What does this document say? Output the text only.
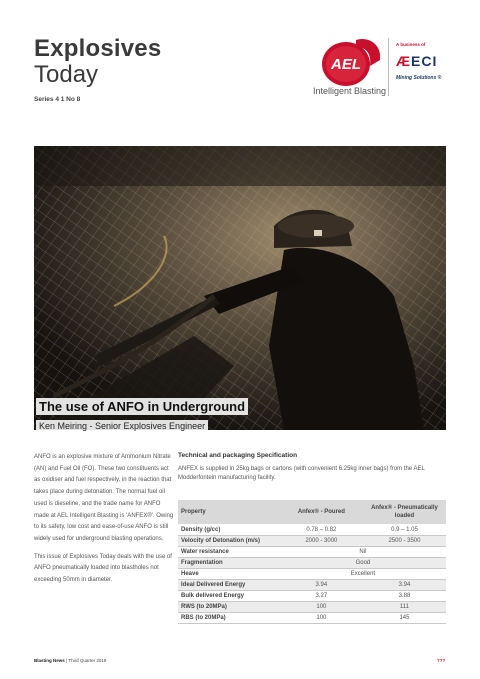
Explosives
Today
Series 4 1 No 8
AEL
Intelligent Blasting
A business of
ÆECI
Mining Solutions ®
The use of ANFO in Underground
Ken Meiring - Senior Explosives Engineer

ANFO is an explosive mixture of Ammonium Nitrate (AN) and Fuel Oil (FO). These two constituents act as oxidiser and fuel respectively, in the reaction that takes place during detonation. The normal fuel oil used is dieseline, and the trade name for ANFO made at AEL Intelligent Blasting is 'ANFEX®'. Owing to its safety, low cost and ease-of-use ANFO is still widely used for underground blasting operations.

This issue of Explosives Today deals with the use of ANFO pneumatically loaded into blastholes not exceeding 50mm in diameter.

Technical and packaging Specification
ANFEX is supplied in 25kg bags or cartons (with convenient 6.25kg inner bags) from the AEL Modderfontein manufacturing facility.
Property	Anfex® - Poured	Anfex® - Pneumatically loaded
Density (g/cc)	0.78 – 0.82	0.9 – 1.05
Velocity of Detonation (m/s)	2000 - 3000	2500 - 3500
Water resistance	Nil	
Fragmentation	Good	
Heave	Excellent	
Ideal Delivered Energy	3.94	3.94
Bulk delivered Energy	3.27	3.88
RWS (to 20MPa)	100	111
RBS (to 20MPa)	100	145
Blasting News | Third Quarter 2018	???
